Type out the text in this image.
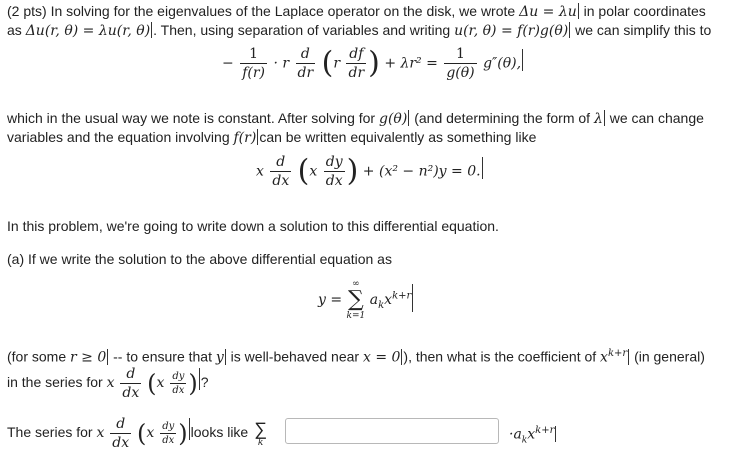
(2 pts) In solving for the eigenvalues of the Laplace operator on the disk, we wrote Δu = λu in polar coordinates
as Δu(r, θ) = λu(r, θ) . Then, using separation of variables and writing u(r, θ) = f(r)g(θ) we can simplify this to
− $\frac{1}{f(r)} \cdot r \frac{d}{dr} (r \frac{df}{dr}$ ) + $\lambda r^2 = \frac{1}{g(\theta)} g''(\theta)$,
which in the usual way we note is constant. After solving for g(θ) (and determining the form of λ we can change
variables and the equation involving f(r) can be written equivalently as something like
x $\frac{d}{dx} (x \frac{dy}{dx}$ ) + (x² − n²)y = 0.
In this problem, we're going to write down a solution to this differential equation.
(a) If we write the solution to the above differential equation as
y =
∞
∑
k=1
$a_kx^{k+r}$
(for some r ≥ 0 -- to ensure that y is well-behaved near x = 0 ), then what is the coefficient of $x^{k+r}$ (in general)
in the series for x $\frac{d}{dx} (x \frac{dy}{dx}$ ) ?
The series for x $\frac{d}{dx} (x \frac{dy}{dx}$ ) looks like ∑
k	$\cdot a_kx^{k+r}$
